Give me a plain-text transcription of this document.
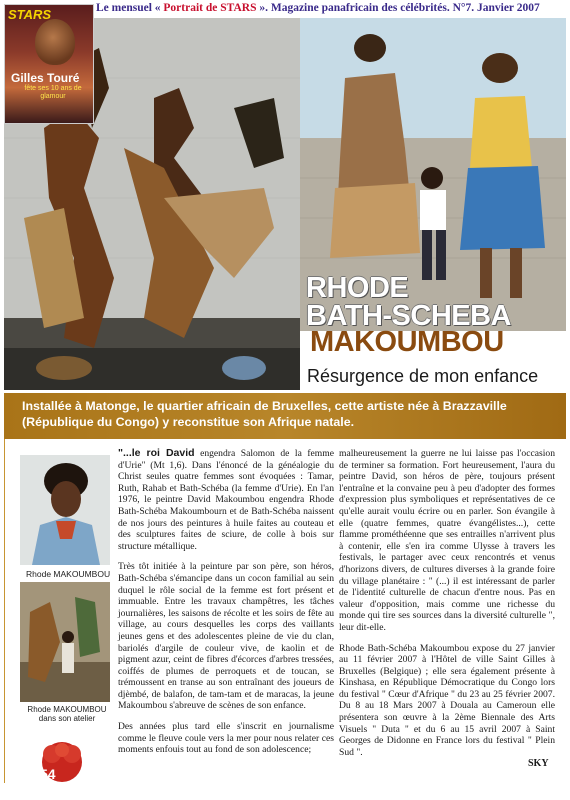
Le mensuel « Portrait de STARS ». Magazine panafricain des célébrités. N°7. Janvier 2007
STARS
Gilles Touré
fête ses 10 ans de glamour
RHODE
BATH-SCHEBA
MAKOUMBOU
Résurgence de mon enfance
Installée à Matonge, le quartier africain de Bruxelles, cette artiste née à Brazzaville (République du Congo) y reconstitue son Afrique natale.
Rhode MAKOUMBOU
Rhode MAKOUMBOU
dans son atelier
54

"...le roi David engendra Salomon de la femme d'Urie" (Mt 1,6). Dans l'énoncé de la généalogie du Christ seules quatre femmes sont évoquées : Tamar, Ruth, Rahab et Bath-Schéba (la femme d'Urie). En l'an 1976, le peintre David Makoumbou engendra Rhode Bath-Schéba Makoumbourn et de Bath-Schéba naissent de nos jours des peintures à huile faites au couteau et des sculptures faites de sciure, de colle à bois sur structure métallique.

Très tôt initiée à la peinture par son père, son héros, Bath-Schéba s'émancipe dans un cocon familial au sein duquel le rôle social de la femme est fort présent et immuable. Entre les travaux champêtres, les tâches journalières, les saisons de récolte et les soirs de fête au village, au cours desquelles les corps des vaillants jeunes gens et des adolescentes pleine de vie du clan, bariolés d'argile de couleur vive, de kaolin et de pigment azur, ceint de fibres d'écorces d'arbres tressées, coiffés de plumes de perroquets et de toucan, se trémoussent en transe au son entraînant des joueurs de djèmbé, de balafon, de tam-tam et de maracas, la jeune Makoumbou s'abreuve de scènes de son enfance.

Des années plus tard elle s'inscrit en journalisme comme le fleuve coule vers la mer pour nous relater ces moments enfouis tout au fond de son adolescence;

malheureusement la guerre ne lui laisse pas l'occasion de terminer sa formation. Fort heureusement, l'aura du peintre David, son héros de père, toujours présent l'entraîne et la convaine peu à peu d'adopter des formes d'expression plus symboliques et représentatives de ce qu'elle aurait voulu écrire ou en parler. Son évangile à elle (quatre femmes, quatre évangélistes...), cette flamme prométhéenne que ses entrailles n'arrivent plus à contenir, elle s'en ira comme Ulysse à travers les festivals, le partager avec ceux rencontrés et venus d'horizons divers, de cultures diverses à la grande foire du village planétaire : " (...) il est intéressant de parler de l'identité culturelle de chacun d'entre nous. Pas en valeur d'opposition, mais comme une richesse du monde qui tire ses sources dans la diversité culturelle ", leur dit-elle.

Rhode Bath-Schéba Makoumbou expose du 27 janvier au 11 février 2007 à l'Hôtel de ville Saint Gilles à Bruxelles (Belgique) ; elle sera également présente à Kinshasa, en République Démocratique du Congo lors du festival " Cœur d'Afrique " du 23 au 25 février 2007. Du 8 au 18 Mars 2007 à Douala au Cameroun elle présentera son œuvre à la 2ème Biennale des Arts Visuels " Duta " et du 6 au 15 avril 2007 à Saint Georges de Didonne en France lors du festival " Plein Sud ".

SKY
